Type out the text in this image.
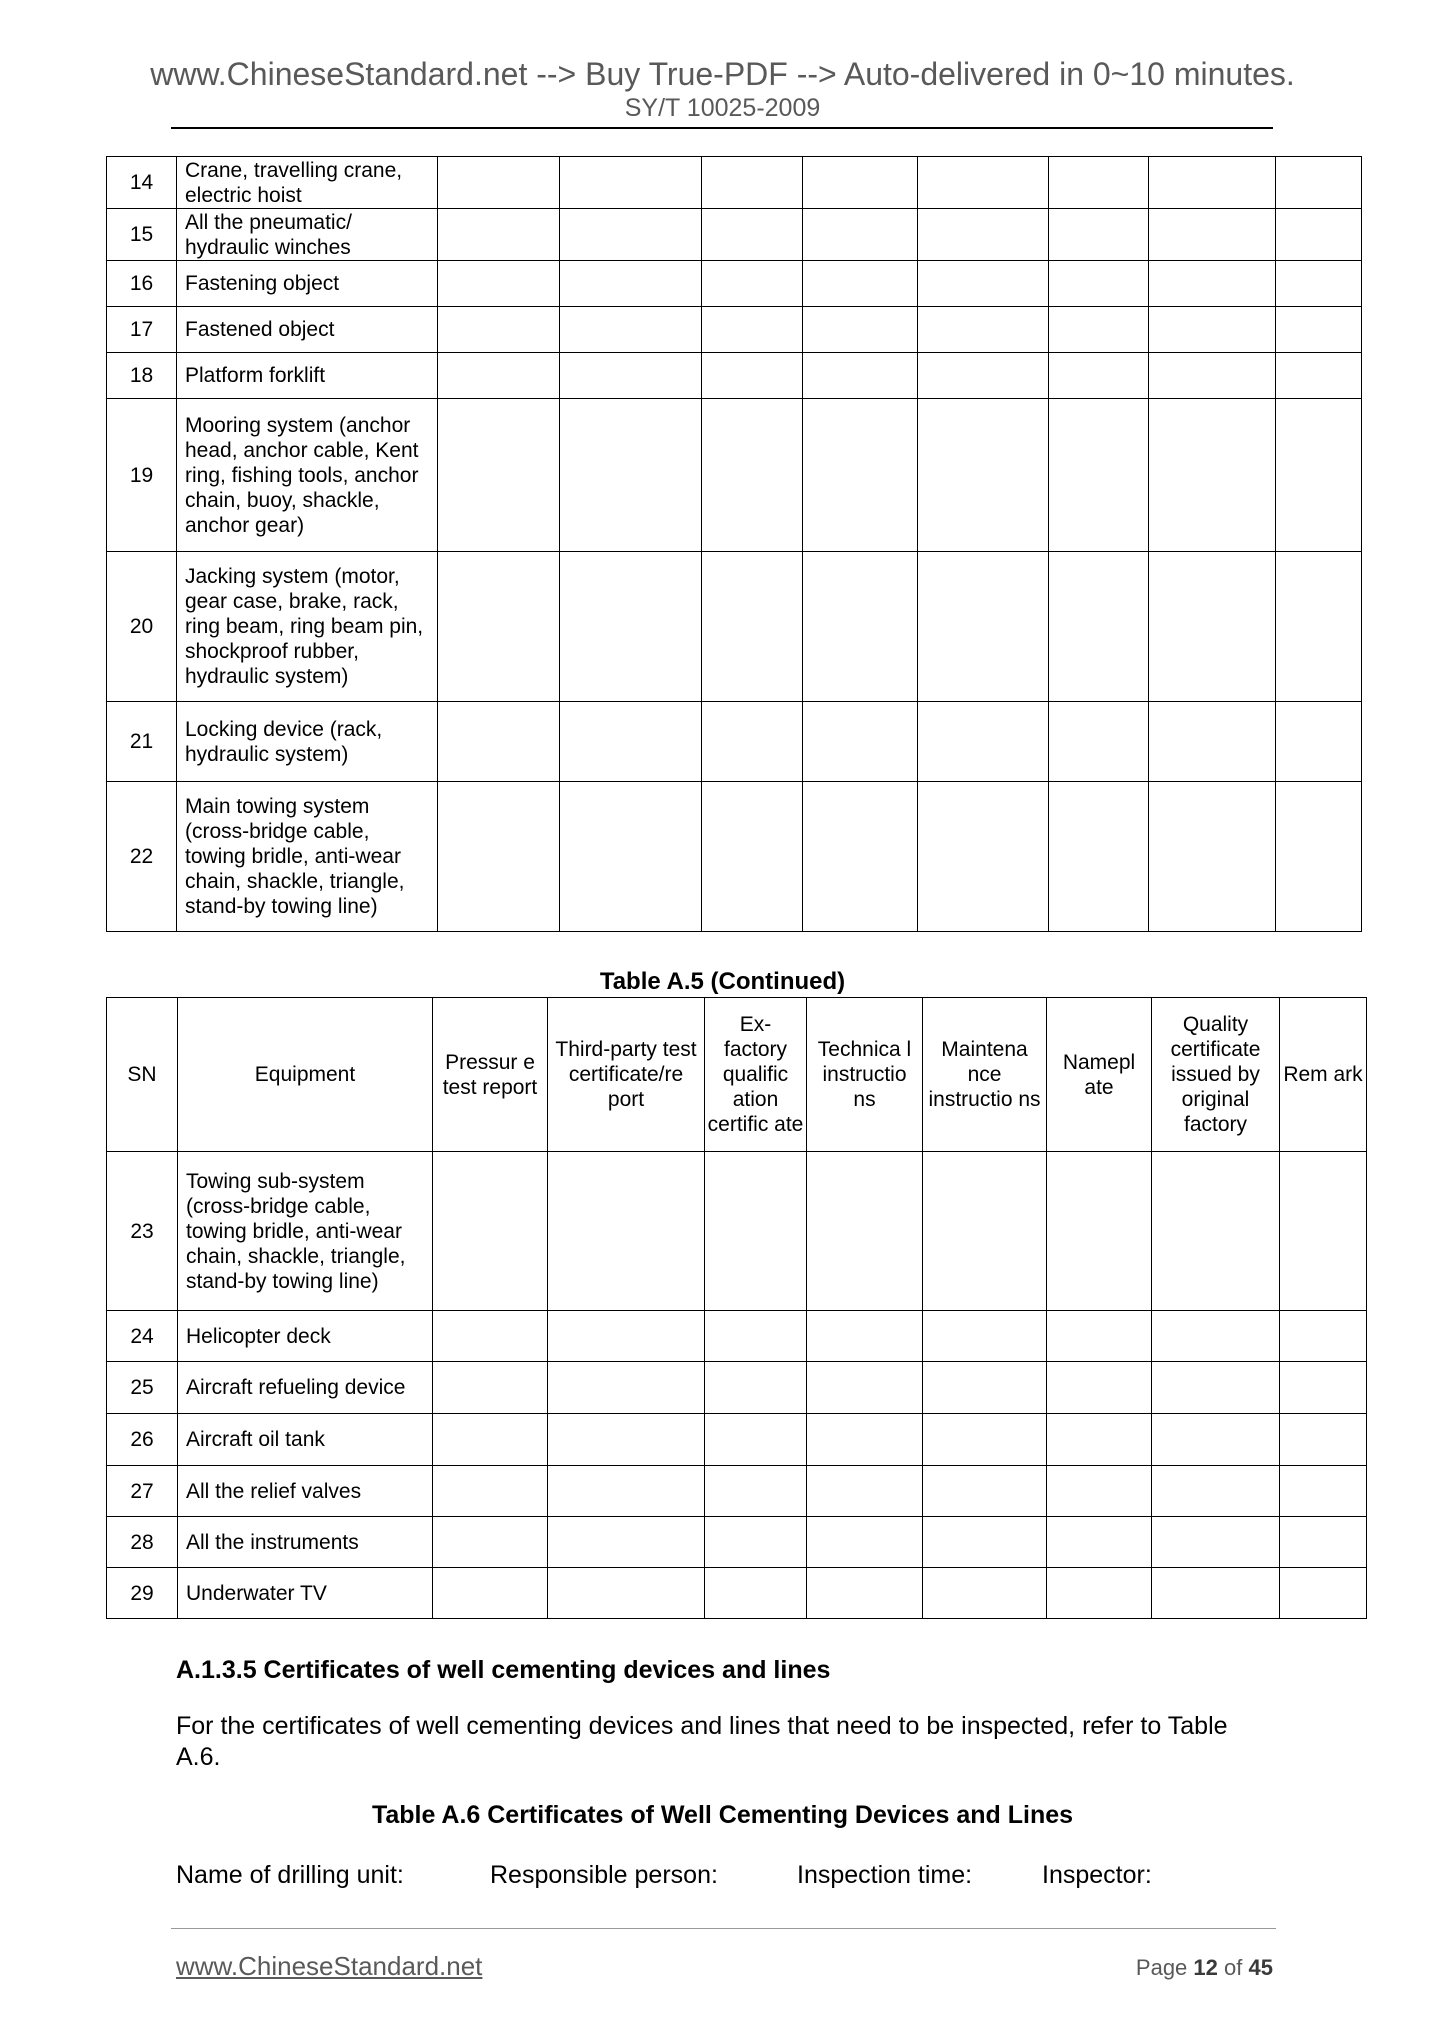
www.ChineseStandard.net --> Buy True-PDF --> Auto-delivered in 0~10 minutes.
SY/T 10025-2009
14	Crane, travelling crane, electric hoist								
15	All the pneumatic/ hydraulic winches								
16	Fastening object								
17	Fastened object								
18	Platform forklift								
19	Mooring system (anchor head, anchor cable, Kent ring, fishing tools, anchor chain, buoy, shackle, anchor gear)								
20	Jacking system (motor, gear case, brake, rack, ring beam, ring beam pin, shockproof rubber, hydraulic system)								
21	Locking device (rack, hydraulic system)								
22	Main towing system (cross-bridge cable, towing bridle, anti-wear chain, shackle, triangle, stand-by towing line)								
Table A.5 (Continued)
SN	Equipment	Pressur e test report	Third-party test certificate/re port	Ex- factory qualific ation certific ate	Technica l instructio ns	Maintena nce instructio ns	Namepl ate	Quality certificate issued by original factory	Rem ark
23	Towing sub-system (cross-bridge cable, towing bridle, anti-wear chain, shackle, triangle, stand-by towing line)								
24	Helicopter deck								
25	Aircraft refueling device								
26	Aircraft oil tank								
27	All the relief valves								
28	All the instruments								
29	Underwater TV								
A.1.3.5 Certificates of well cementing devices and lines
For the certificates of well cementing devices and lines that need to be inspected, refer to Table A.6.
Table A.6 Certificates of Well Cementing Devices and Lines
Name of drilling unit:	Responsible person:	Inspection time:	Inspector:
www.ChineseStandard.net	Page 12 of 45
